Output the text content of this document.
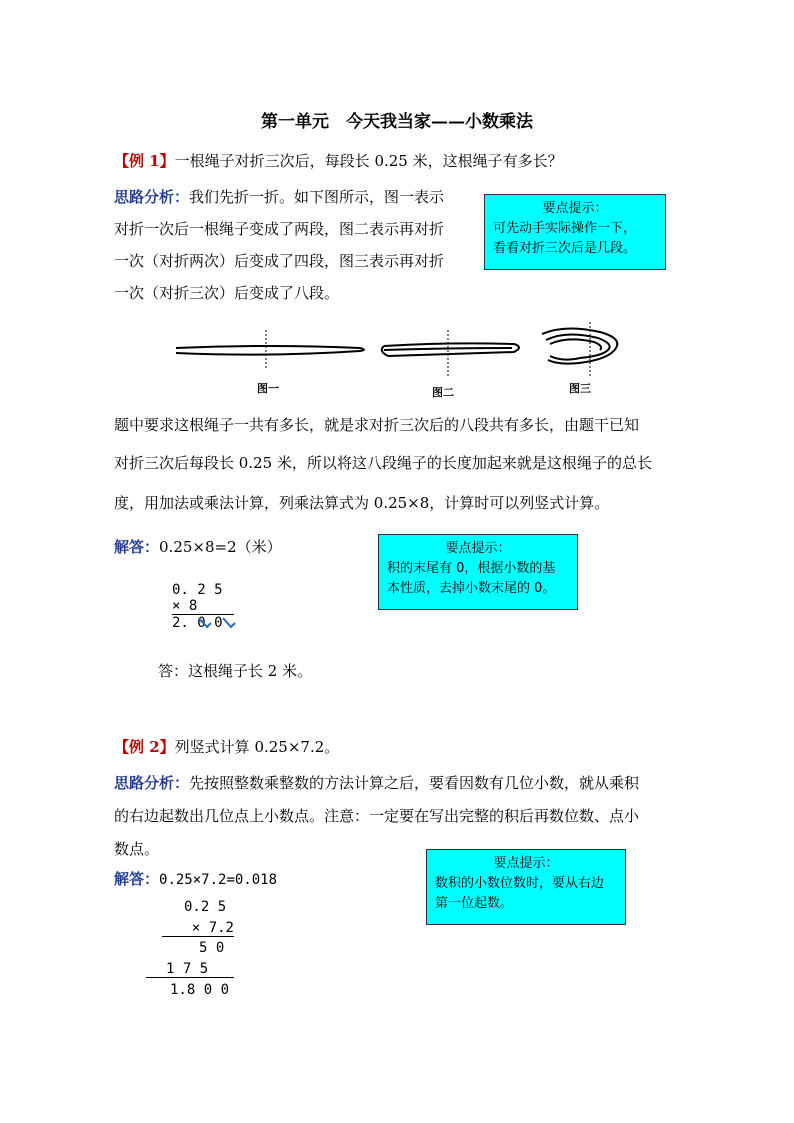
第一单元　今天我当家——小数乘法
【例 1】一根绳子对折三次后，每段长 0.25 米，这根绳子有多长？
思路分析：我们先折一折。如下图所示，图一表示
对折一次后一根绳子变成了两段，图二表示再对折
一次（对折两次）后变成了四段，图三表示再对折
一次（对折三次）后变成了八段。
要点提示：
可先动手实际操作一下，
看看对折三次后是几段。
图一	图二	图三
题中要求这根绳子一共有多长，就是求对折三次后的八段共有多长，由题干已知
对折三次后每段长 0.25 米，所以将这八段绳子的长度加起来就是这根绳子的总长
度，用加法或乘法计算，列乘法算式为 0.25×8，计算时可以列竖式计算。
解答：0.25×8=2（米）	要点提示：
积的末尾有 0，根据小数的基
本性质，去掉小数末尾的 0。
0. 2 5
× 8
2. 0 0
答：这根绳子长 2 米。
【例 2】列竖式计算 0.25×7.2。
思路分析：先按照整数乘整数的方法计算之后，要看因数有几位小数，就从乘积
的右边起数出几位点上小数点。注意：一定要在写出完整的积后再数位数、点小
数点。
解答：0.25×7.2=0.018
要点提示：
数积的小数位数时，要从右边
第一位起数。
0.2 5
× 7.2
5 0
1 7 5
1.8 0 0
